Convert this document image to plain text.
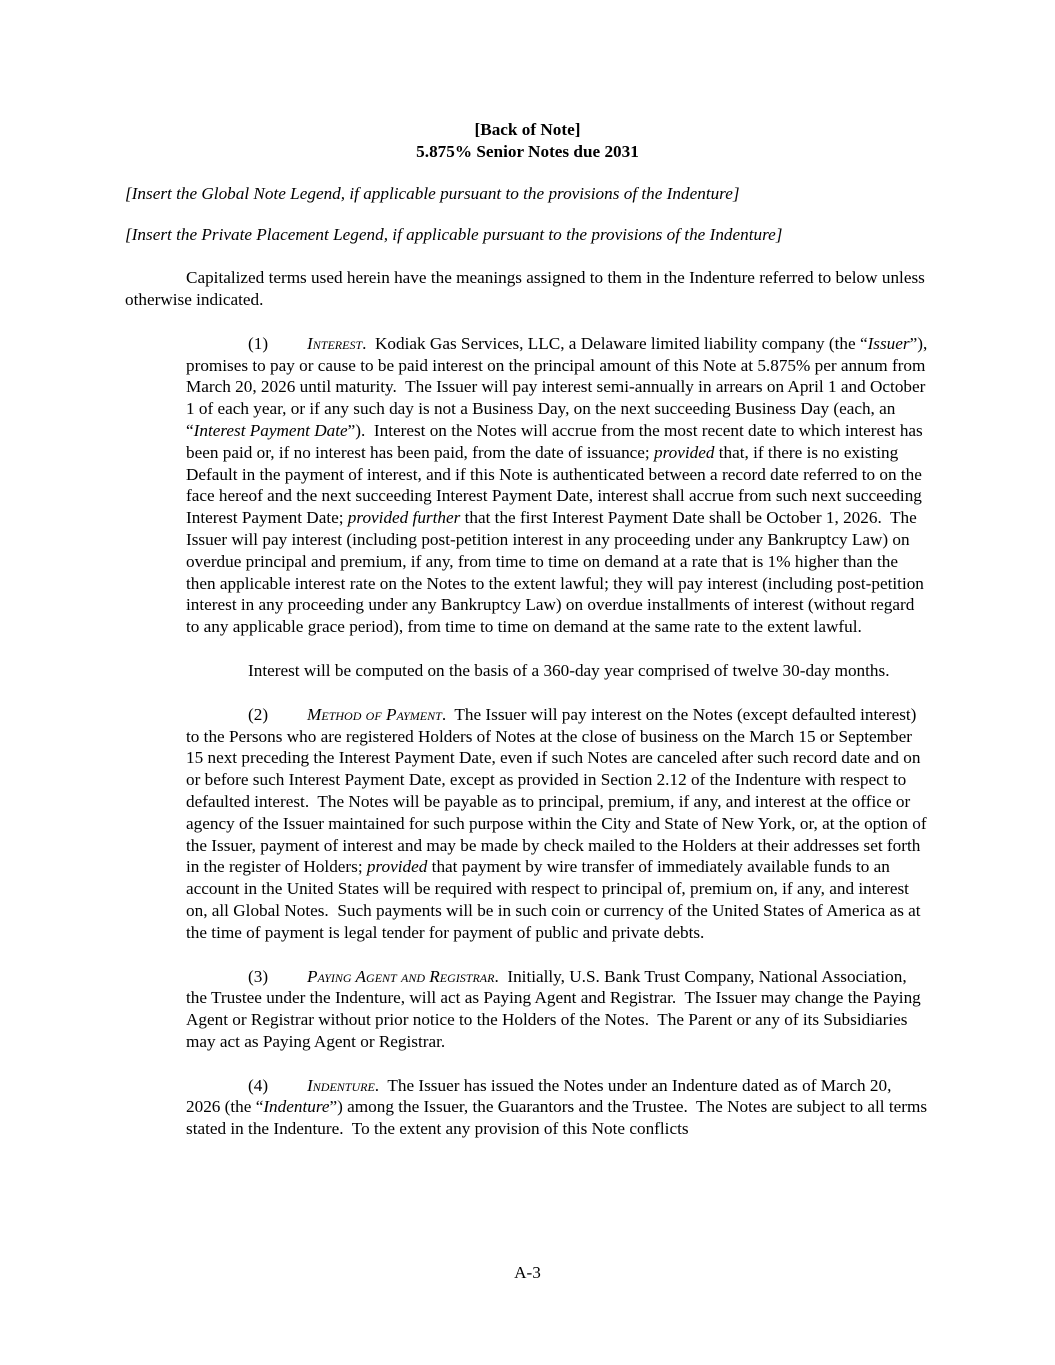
[Back of Note]
5.875% Senior Notes due 2031

[Insert the Global Note Legend, if applicable pursuant to the provisions of the Indenture]

[Insert the Private Placement Legend, if applicable pursuant to the provisions of the Indenture]

Capitalized terms used herein have the meanings assigned to them in the Indenture referred to below unless otherwise indicated.

(1) Interest.  Kodiak Gas Services, LLC, a Delaware limited liability company (the “Issuer”), promises to pay or cause to be paid interest on the principal amount of this Note at 5.875% per annum from March 20, 2026 until maturity.  The Issuer will pay interest semi-annually in arrears on April 1 and October 1 of each year, or if any such day is not a Business Day, on the next succeeding Business Day (each, an “Interest Payment Date”).  Interest on the Notes will accrue from the most recent date to which interest has been paid or, if no interest has been paid, from the date of issuance; provided that, if there is no existing Default in the payment of interest, and if this Note is authenticated between a record date referred to on the face hereof and the next succeeding Interest Payment Date, interest shall accrue from such next succeeding Interest Payment Date; provided further that the first Interest Payment Date shall be October 1, 2026.  The Issuer will pay interest (including post-petition interest in any proceeding under any Bankruptcy Law) on overdue principal and premium, if any, from time to time on demand at a rate that is 1% higher than the then applicable interest rate on the Notes to the extent lawful; they will pay interest (including post-petition interest in any proceeding under any Bankruptcy Law) on overdue installments of interest (without regard to any applicable grace period), from time to time on demand at the same rate to the extent lawful.

Interest will be computed on the basis of a 360-day year comprised of twelve 30-day months.

(2) Method of Payment.  The Issuer will pay interest on the Notes (except defaulted interest) to the Persons who are registered Holders of Notes at the close of business on the March 15 or September 15 next preceding the Interest Payment Date, even if such Notes are canceled after such record date and on or before such Interest Payment Date, except as provided in Section 2.12 of the Indenture with respect to defaulted interest.  The Notes will be payable as to principal, premium, if any, and interest at the office or agency of the Issuer maintained for such purpose within the City and State of New York, or, at the option of the Issuer, payment of interest and may be made by check mailed to the Holders at their addresses set forth in the register of Holders; provided that payment by wire transfer of immediately available funds to an account in the United States will be required with respect to principal of, premium on, if any, and interest on, all Global Notes.  Such payments will be in such coin or currency of the United States of America as at the time of payment is legal tender for payment of public and private debts.

(3) Paying Agent and Registrar.  Initially, U.S. Bank Trust Company, National Association, the Trustee under the Indenture, will act as Paying Agent and Registrar.  The Issuer may change the Paying Agent or Registrar without prior notice to the Holders of the Notes.  The Parent or any of its Subsidiaries may act as Paying Agent or Registrar.

(4) Indenture.  The Issuer has issued the Notes under an Indenture dated as of March 20, 2026 (the “Indenture”) among the Issuer, the Guarantors and the Trustee.  The Notes are subject to all terms stated in the Indenture.  To the extent any provision of this Note conflicts

A-3
